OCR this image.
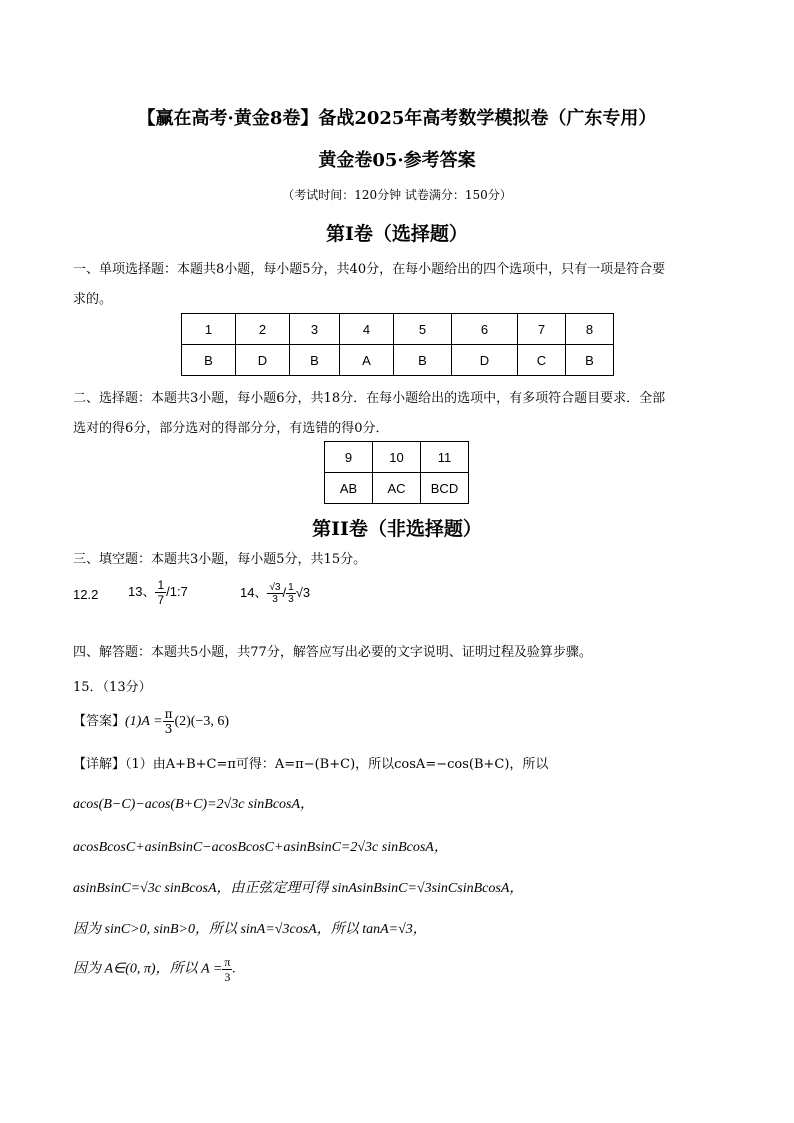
【赢在高考·黄金8卷】备战2025年高考数学模拟卷（广东专用）
黄金卷05·参考答案
（考试时间：120分钟 试卷满分：150分）
第I卷（选择题）
一、单项选择题：本题共8小题，每小题5分，共40分，在每小题给出的四个选项中，只有一项是符合要
求的。
1	2	3	4	5	6	7	8
B	D	B	A	B	D	C	B
二、选择题：本题共3小题，每小题6分，共18分．在每小题给出的选项中，有多项符合题目要求．全部
选对的得6分，部分选对的得部分分，有选错的得0分．
9	10	11
AB	AC	BCD
第II卷（非选择题）
三、填空题：本题共3小题，每小题5分，共15分。
12.2 13、 $\frac{1}{7}$ /1:7	14、 $\frac{√3}{3} / \frac{1}{3} √3$
四、解答题：本题共5小题，共77分，解答应写出必要的文字说明、证明过程及验算步骤。
15．（13分）
【答案】$(1)A = \frac{\pi}{3} (2)(-3$, 6)
【详解】（1）由A+B+C=π可得：A=π−(B+C)，所以cosA=−cos(B+C)，所以
acos(B−C)−acos(B+C)=2√3c sinBcosA，
acosBcosC+asinBsinC−acosBcosC+asinBsinC=2√3c sinBcosA，
asinBsinC=√3c sinBcosA，由正弦定理可得 sinAsinBsinC=√3sinCsinBcosA，
因为 sinC>0, sinB>0，所以 sinA=√3cosA，所以 tanA=√3，
因为 A∈(0, π)，所以 $A = \frac{\pi}{3}$ .
